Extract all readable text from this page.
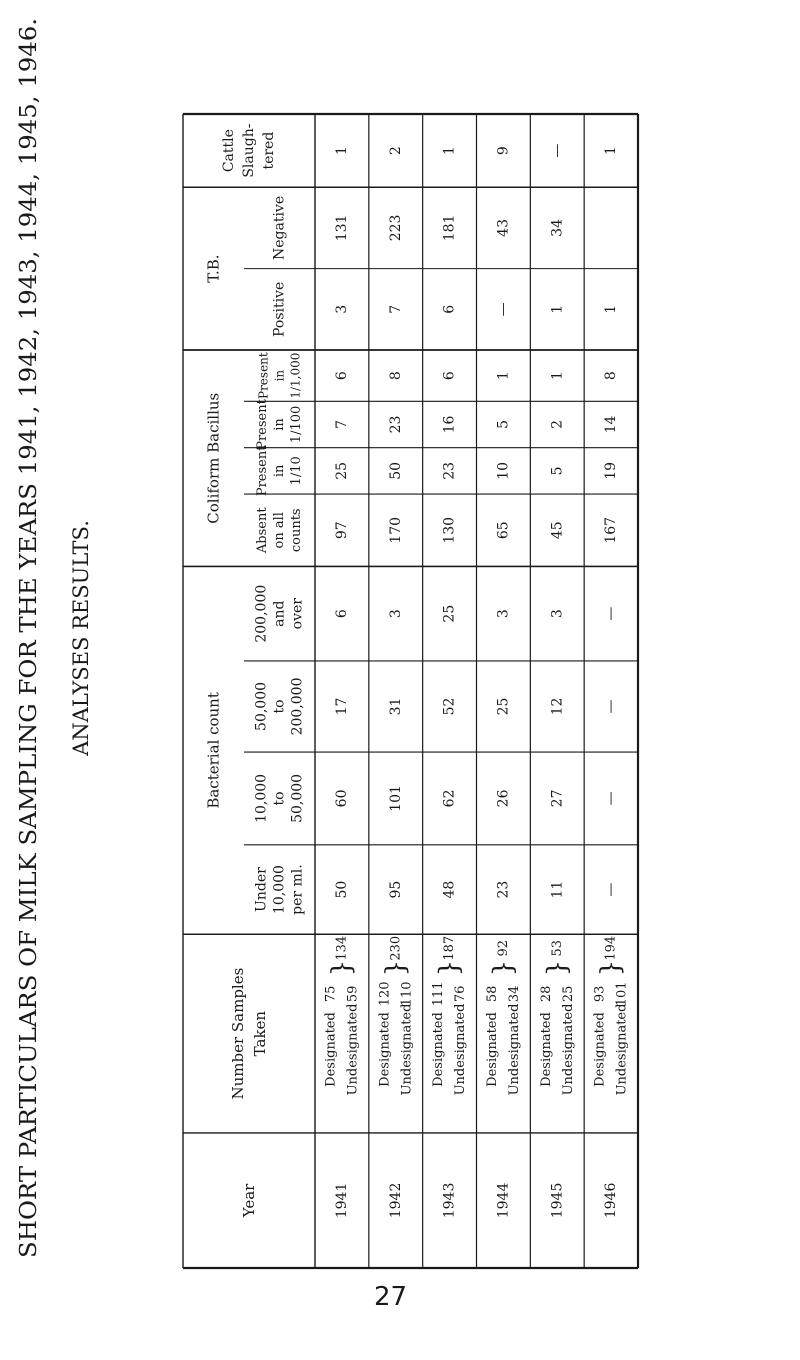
SHORT PARTICULARS OF MILK SAMPLING FOR THE YEARS 1941, 1942, 1943, 1944, 1945, 1946. ANALYSES RESULTS.
Year
Number Samples Taken
Bacterial count
Coliform Bacillus
T.B.
Under 10,000 per ml.
10,000 to 50,000
50,000 to 200,000
200,000 and over
Absent on all counts
Present in 1/10
Present in 1/100
Present in 1/1,000
Positive
Negative
Cattle Slaugh- tered
1941
Designated Undesignated
75 59
}
134
50
60
17
6
97
25
7
6
3
131
1
1942
Designated Undesignated
120 110
}
230
95
101
31
3
170
50
23
8
7
223
2
1943
Designated Undesignated
111 76
}
187
48
62
52
25
130
23
16
6
6
181
1
1944
Designated Undesignated
58 34
}
92
23
26
25
3
65
10
5
1
—
43
9
1945
Designated Undesignated
28 25
}
53
11
27
12
3
45
5
2
1
1
34
—
1946
Designated Undesignated
93 101
}
194
—
—
—
—
167
19
14
8
1
1
27
